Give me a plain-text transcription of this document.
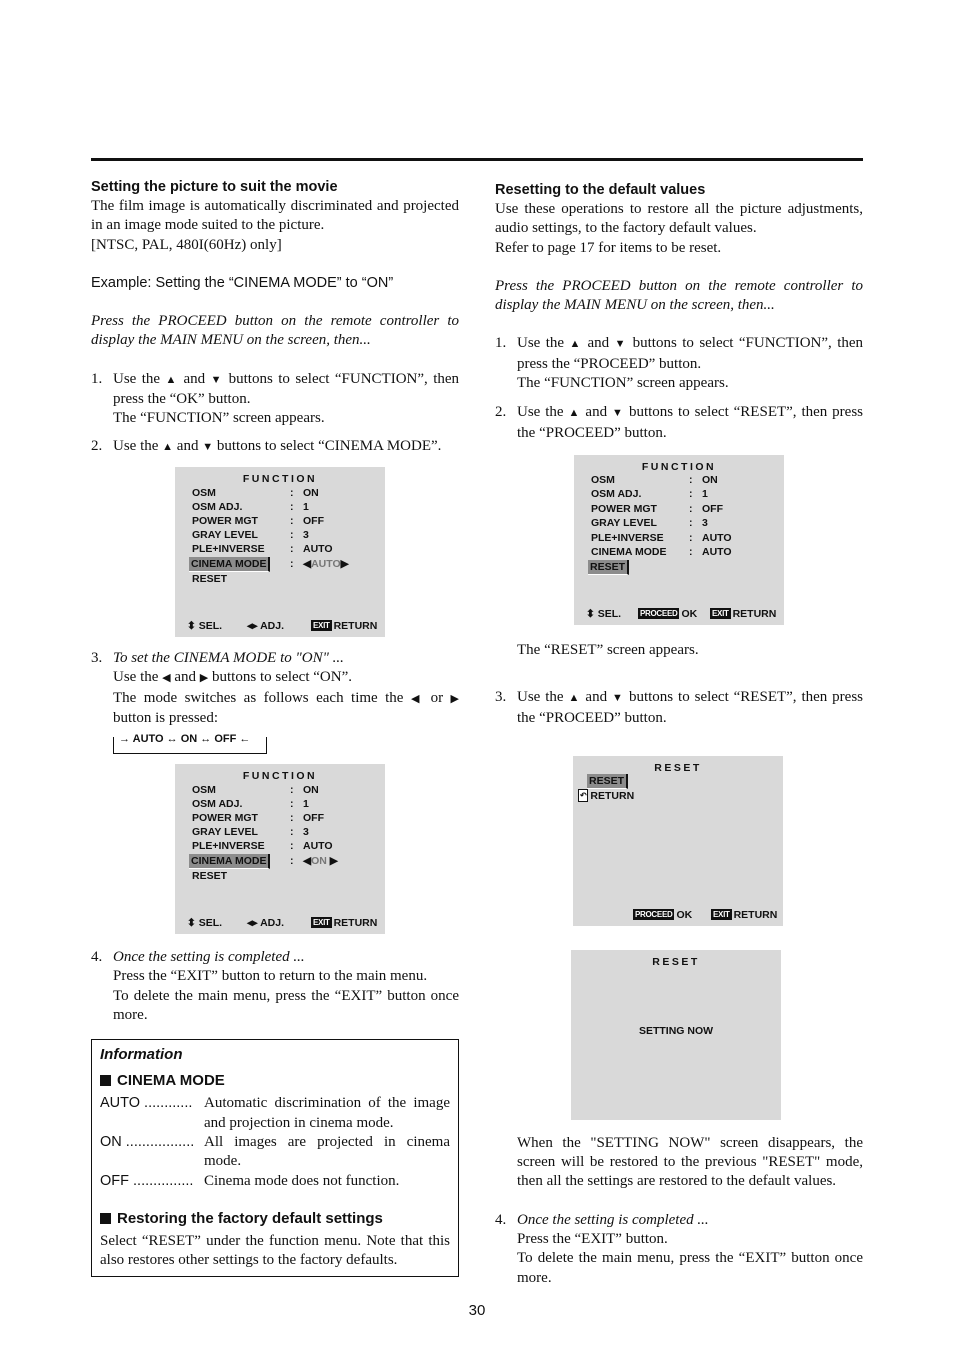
Setting the picture to suit the movie

The film image is automatically discriminated and projected in an image mode suited to the picture.

[NTSC, PAL, 480I(60Hz) only]

Example: Setting the “CINEMA MODE” to “ON”

Press the PROCEED button on the remote controller to display the MAIN MENU on the screen, then...

1. Use the ▲ and ▼ buttons to select “FUNCTION”, then press the “OK” button.
The “FUNCTION” screen appears.
2. Use the ▲ and ▼ buttons to select “CINEMA MODE”.
FUNCTION
OSM	: ON
OSM ADJ.	: 1
POWER MGT	: OFF
GRAY LEVEL	: 3
PLE+INVERSE : AUTO
CINEMA MODE	: ◀AUTO▶
RESET
⬍ SEL. ◂▸ ADJ.	EXIT RETURN
3. To set the CINEMA MODE to "ON" ...
Use the ◀ and ▶ buttons to select “ON”.
The mode switches as follows each time the ◀ or ▶ button is pressed:
→ AUTO ↔ ON ↔ OFF ←
FUNCTION
OSM	: ON
OSM ADJ.	: 1
POWER MGT	: OFF
GRAY LEVEL	: 3
PLE+INVERSE : AUTO
CINEMA MODE	: ◀ON ▶
RESET
⬍ SEL. ◂▸ ADJ.	EXIT RETURN
4. Once the setting is completed ...
Press the “EXIT” button to return to the main menu.
To delete the main menu, press the “EXIT” button once more.

Information

CINEMA MODE

AUTO ............ Automatic discrimination of the image and projection in cinema mode.
ON ................. All images are projected in cinema mode.
OFF ............... Cinema mode does not function.

Restoring the factory default settings

Select “RESET” under the function menu. Note that this also restores other settings to the factory defaults.

Resetting to the default values

Use these operations to restore all the picture adjustments, audio settings, to the factory default values.

Refer to page 17 for items to be reset.

Press the PROCEED button on the remote controller to display the MAIN MENU on the screen, then...

1. Use the ▲ and ▼ buttons to select “FUNCTION”, then press the “PROCEED” button.
The “FUNCTION” screen appears.
2. Use the ▲ and ▼ buttons to select “RESET”, then press the “PROCEED” button.
FUNCTION
OSM	: ON
OSM ADJ.	: 1
POWER MGT	: OFF
GRAY LEVEL	: 3
PLE+INVERSE : AUTO
CINEMA MODE : AUTO
RESET
⬍ SEL. PROCEED OK EXIT RETURN

The “RESET” screen appears.

3. Use the ▲ and ▼ buttons to select “RESET”, then press the “PROCEED” button.
RESET
RESET
↶ RETURN
PROCEED OK	EXIT RETURN
RESET
SETTING NOW

When the "SETTING NOW" screen disappears, the screen will be restored to the previous "RESET" mode, then all the settings are restored to the default values.

4. Once the setting is completed ...
Press the “EXIT” button.
To delete the main menu, press the “EXIT” button once more.
30
